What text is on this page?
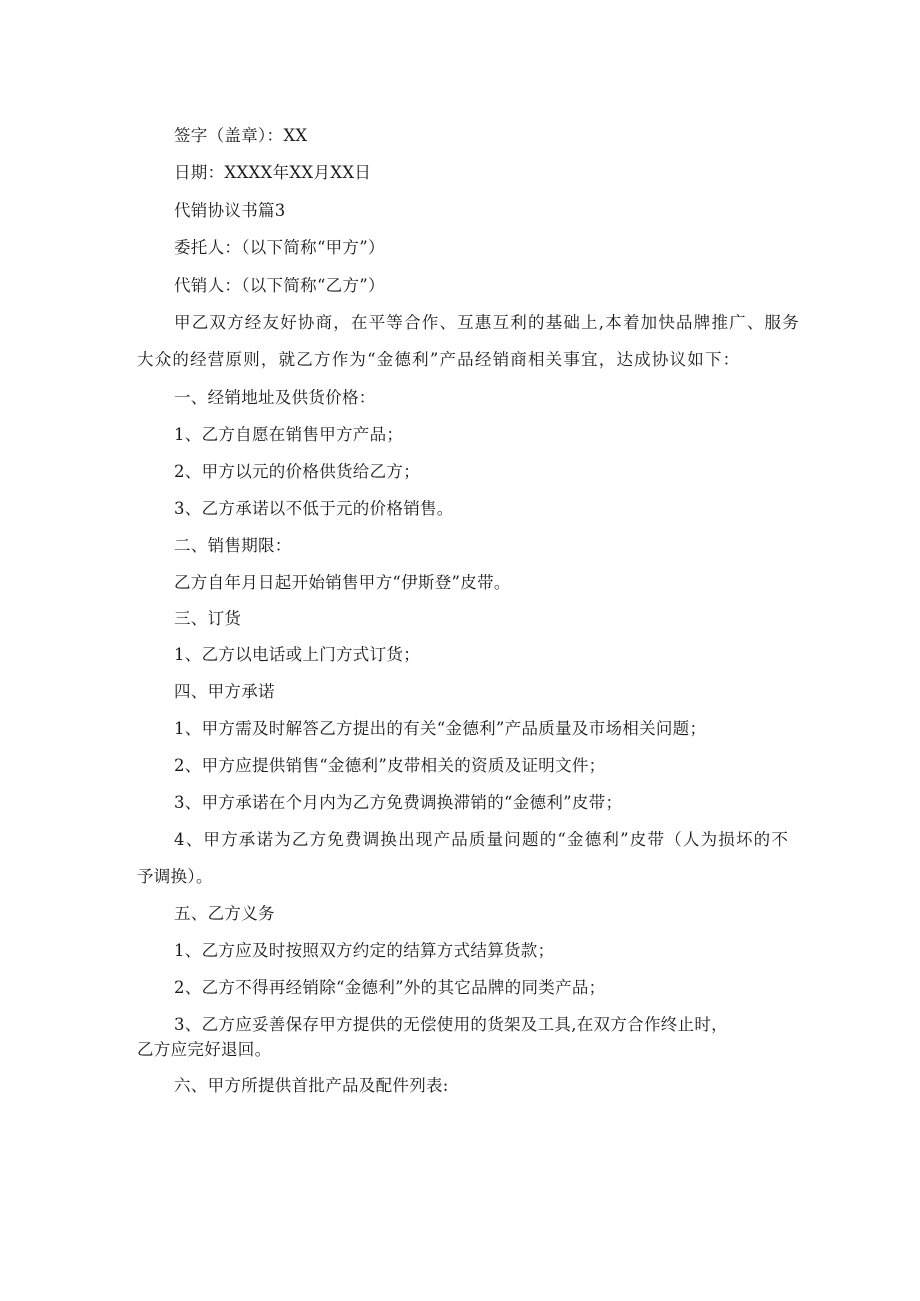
签字（盖章）：XX
日期：XXXX年XX月XX日
代销协议书篇3
委托人：（以下简称“甲方”）
代销人：（以下简称“乙方”）
甲乙双方经友好协商，在平等合作、互惠互利的基础上,本着加快品牌推广、服务
大众的经营原则，就乙方作为“金德利”产品经销商相关事宜，达成协议如下：
一、经销地址及供货价格：
1、乙方自愿在销售甲方产品；
2、甲方以元的价格供货给乙方；
3、乙方承诺以不低于元的价格销售。
二、销售期限：
乙方自年月日起开始销售甲方“伊斯登”皮带。
三、订货
1、乙方以电话或上门方式订货；
四、甲方承诺
1、甲方需及时解答乙方提出的有关“金德利”产品质量及市场相关问题；
2、甲方应提供销售“金德利”皮带相关的资质及证明文件；
3、甲方承诺在个月内为乙方免费调换滞销的“金德利”皮带；
4、甲方承诺为乙方免费调换出现产品质量问题的“金德利”皮带（人为损坏的不
予调换）。
五、乙方义务
1、乙方应及时按照双方约定的结算方式结算货款；
2、乙方不得再经销除“金德利”外的其它品牌的同类产品；
3、乙方应妥善保存甲方提供的无偿使用的货架及工具,在双方合作终止时，
乙方应完好退回。
六、甲方所提供首批产品及配件列表:
